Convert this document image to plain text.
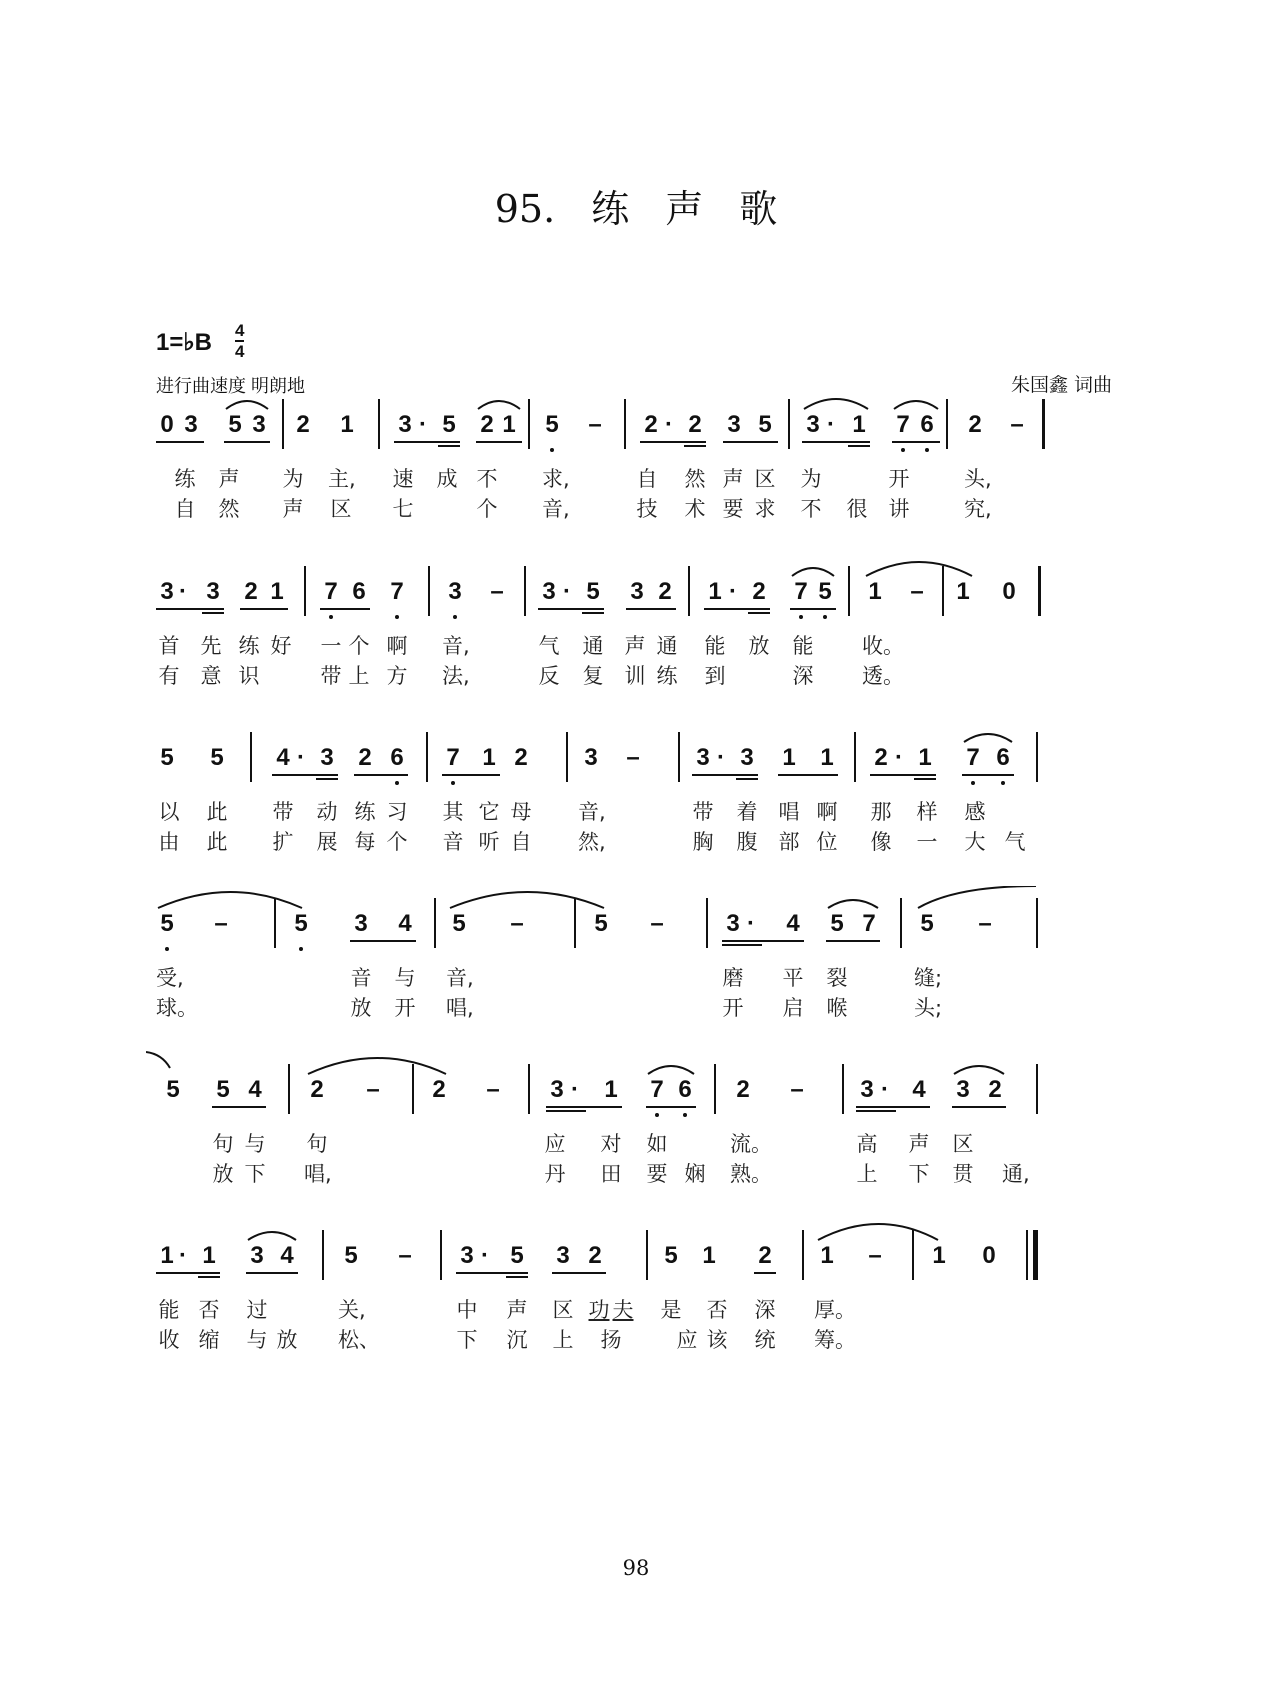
95. 练 声 歌
1=♭B 4
4
进行曲速度 明朗地	朱国鑫 词曲
0 3 5 3 2 1 3 · 5 2 1 5 – 2 · 2 3 5 3 · 1 7 6 2 –
练 声 为 主, 速 成 不 求,	自 然 声 区 为	开	头,
自 然 声 区 七	个 音,	技 术 要 求 不 很 讲	究,
3 · 3 2 1 7 6 7 3 – 3 · 5 3 2 1 · 2 7 5 1 – 1 0
首 先 练 好 一 个 啊 音,	气 通 声 通 能 放 能 收。
有 意 识	带 上 方 法,	反 复 训 练 到	深 透。
5 5 4 · 3 2 6 7 1 2 3 – 3 · 3 1 1 2 · 1 7 6
以 此 带 动 练 习 其 它 母 音,	带 着 唱 啊 那 样 感
由 此 扩 展 每 个 音 听 自 然,	胸 腹 部 位 像 一 大 气
5 –	5 3 4 5 –	5 –	3 · 4 5 7 5 –
受,	音 与 音,	磨 平 裂	缝;
球。	放 开 唱,	开 启 喉	头;
5 5 4 2 – 2 – 3 · 1 7 6 2 – 3 · 4 3 2
句 与 句	应 对 如	流。	高 声 区
放 下 唱,	丹 田 要 娴 熟。	上 下 贯 通,
1 · 1 3 4 5 – 3 · 5 3 2	5 1 2 1 – 1 0
能 否 过	关,	中 声 区 功 夫 是 否 深 厚。
收 缩 与 放 松、	下 沉 上 扬	应 该 统 筹。
98
